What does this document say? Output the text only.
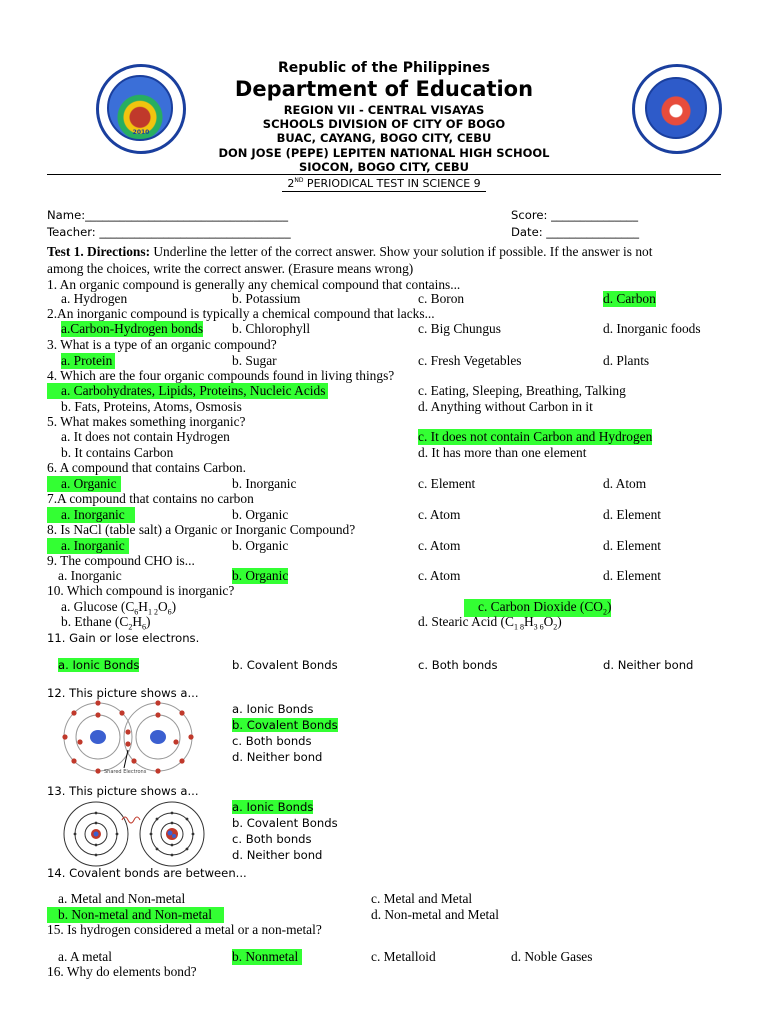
2010
Republic of the Philippines
Department of Education
REGION VII - CENTRAL VISAYAS
SCHOOLS DIVISION OF CITY OF BOGO
BUAC, CAYANG, BOGO CITY, CEBU
DON JOSE (PEPE) LEPITEN NATIONAL HIGH SCHOOL
SIOCON, BOGO CITY, CEBU
2ND PERIODICAL TEST IN SCIENCE 9
Name:___________________________________
Teacher: _________________________________
Score: _______________
Date: ________________
Test 1. Directions: Underline the letter of the correct answer. Show your solution if possible. If the answer is not
among the choices, write the correct answer. (Erasure means wrong)
1. An organic compound is generally any chemical compound that contains...
a. Hydrogen	b. Potassium	c. Boron	d. Carbon
2.An inorganic compound is typically a chemical compound that lacks...
a.Carbon-Hydrogen bonds b. Chlorophyll	c. Big Chungus	d. Inorganic foods
3. What is a type of an organic compound?
a. Protein	b. Sugar	c. Fresh Vegetables	d. Plants
4. Which are the four organic compounds found in living things?
a. Carbohydrates, Lipids, Proteins, Nucleic Acids	c. Eating, Sleeping, Breathing, Talking
b. Fats, Proteins, Atoms, Osmosis	d. Anything without Carbon in it
5. What makes something inorganic?
a. It does not contain Hydrogen	c. It does not contain Carbon and Hydrogen
b. It contains Carbon	d. It has more than one element
6. A compound that contains Carbon.
a. Organic	b. Inorganic	c. Element	d. Atom
7.A compound that contains no carbon
a. Inorganic	b. Organic	c. Atom	d. Element
8. Is NaCl (table salt) a Organic or Inorganic Compound?
a. Inorganic	b. Organic	c. Atom	d. Element
9. The compound CHO is...
a. Inorganic	b. Organic	c. Atom	d. Element
10. Which compound is inorganic?
a. Glucose $(C_6H_{1 2}O_6)$	c. Carbon Dioxide $(CO_2)$
b. Ethane $(C_2H_6)$	d. Stearic Acid $(C_{1 8}H_{3 6}O_2)$
11. Gain or lose electrons.
a. Ionic Bonds	b. Covalent Bonds	c. Both bonds	d. Neither bond
12. This picture shows a...
Shared Electrons
a. Ionic Bonds
b. Covalent Bonds
c. Both bonds
d. Neither bond
13. This picture shows a...
a. Ionic Bonds
b. Covalent Bonds
c. Both bonds
d. Neither bond
14. Covalent bonds are between...
a. Metal and Non-metal	c. Metal and Metal
b. Non-metal and Non-metal	d. Non-metal and Metal
15. Is hydrogen considered a metal or a non-metal?
a. A metal	b. Nonmetal	c. Metalloid	d. Noble Gases
16. Why do elements bond?
